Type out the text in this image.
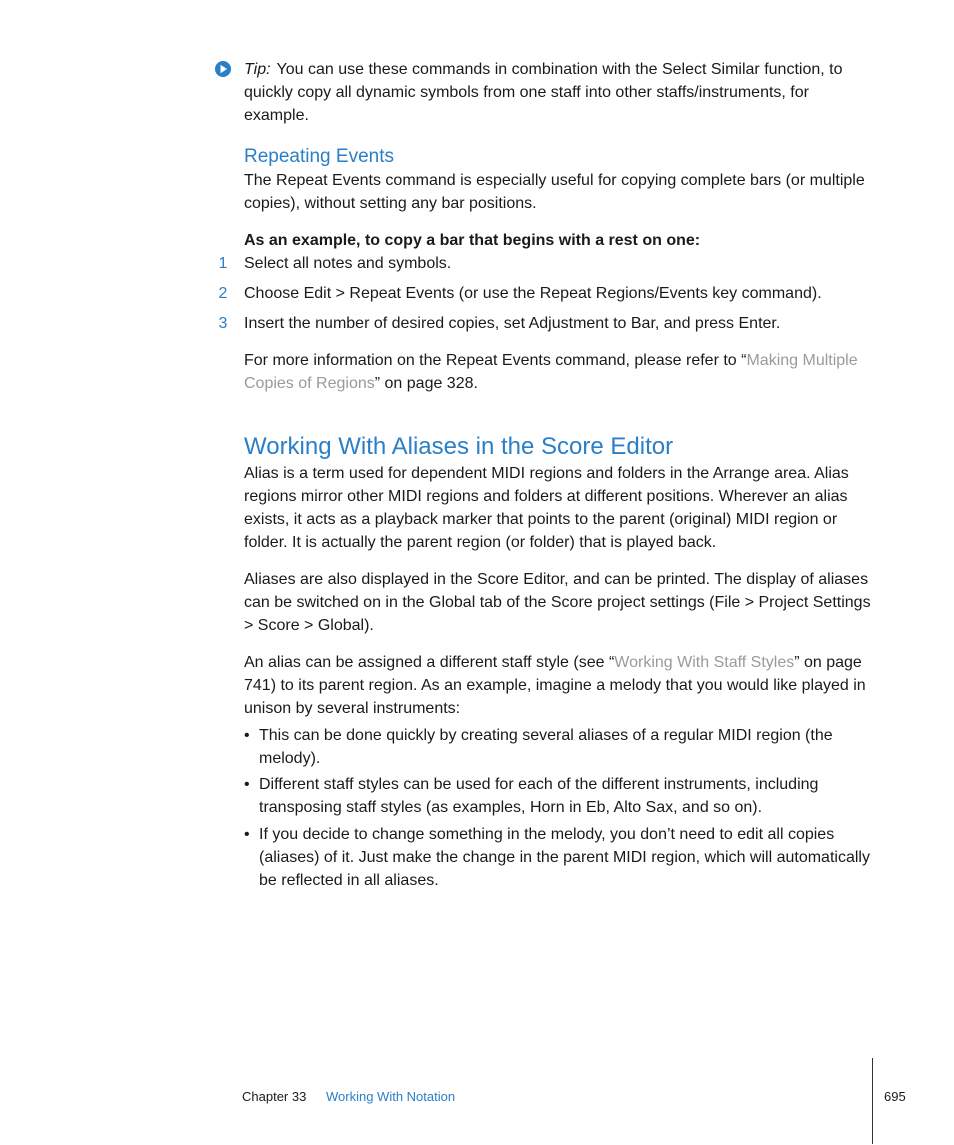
Tip: You can use these commands in combination with the Select Similar function, to quickly copy all dynamic symbols from one staff into other staffs/instruments, for example.

Repeating Events

The Repeat Events command is especially useful for copying complete bars (or multiple copies), without setting any bar positions.

As an example, to copy a bar that begins with a rest on one:

1 Select all notes and symbols.
2 Choose Edit > Repeat Events (or use the Repeat Regions/Events key command).
3 Insert the number of desired copies, set Adjustment to Bar, and press Enter.

For more information on the Repeat Events command, please refer to “Making Multiple Copies of Regions” on page 328.

Working With Aliases in the Score Editor

Alias is a term used for dependent MIDI regions and folders in the Arrange area. Alias regions mirror other MIDI regions and folders at different positions. Wherever an alias exists, it acts as a playback marker that points to the parent (original) MIDI region or folder. It is actually the parent region (or folder) that is played back.

Aliases are also displayed in the Score Editor, and can be printed. The display of aliases can be switched on in the Global tab of the Score project settings (File > Project Settings > Score > Global).

An alias can be assigned a different staff style (see “Working With Staff Styles” on page 741) to its parent region. As an example, imagine a melody that you would like played in unison by several instruments:

• This can be done quickly by creating several aliases of a regular MIDI region (the melody).
• Different staff styles can be used for each of the different instruments, including transposing staff styles (as examples, Horn in Eb, Alto Sax, and so on).
• If you decide to change something in the melody, you don’t need to edit all copies (aliases) of it. Just make the change in the parent MIDI region, which will automatically be reflected in all aliases.
Chapter 33 Working With Notation	695
